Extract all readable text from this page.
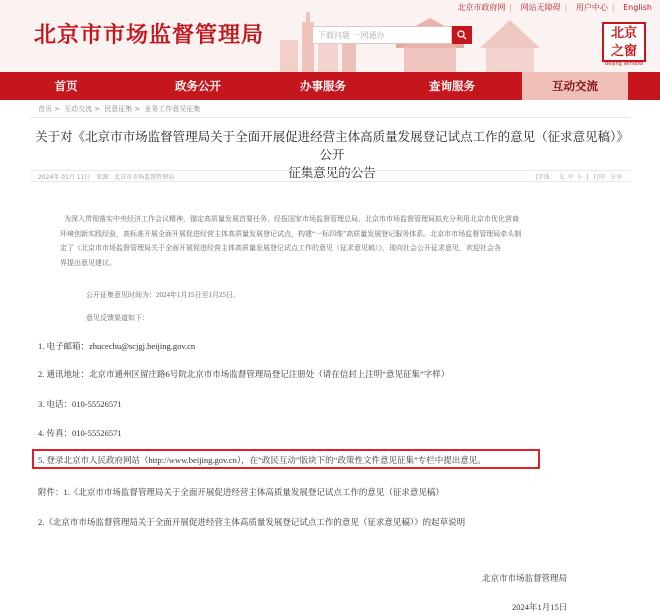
北京市市场监督管理局
北京市政府网 | 网站无障碍 | 用户中心 | English
下载问题 一网通办	北京
之窗
Beijing Window
首页	政务公开	办事服务	查询服务	互动交流
首页 > 互动交流 > 民意征集 > 业务工作意见征集
关于对《北京市市场监督管理局关于全面开展促进经营主体高质量发展登记试点工作的意见（征求意见稿）》公开
征集意见的公告
2024年 01月 11日 来源：北京市市场监督管理局	[字体： 大 中 小 ] 打印 分享
为深入贯彻落实中央经济工作会议精神，锚定高质量发展首要任务，经报国家市场监督管理总局，北京市市场监督管理局拟充分利用北京市优化营商
环境创新实践经验，高标准开展全面开展促进经营主体高质量发展登记试点，构建“一标四维”高质量发展登记服务体系。北京市市场监督管理局牵头制
定了《北京市市场监督管理局关于全面开展促进经营主体高质量发展登记试点工作的意见（征求意见稿）》，现向社会公开征求意见，欢迎社会各
界提出意见建议。
公开征集意见时间为：2024年1月15日至1月25日。
意见反馈渠道如下：
1. 电子邮箱：zhucechu@scjgj.beijing.gov.cn
2. 通讯地址：北京市通州区留庄路6号院北京市市场监督管理局登记注册处（请在信封上注明“意见征集”字样）
3. 电话：010-55526571
4. 传真：010-55526571
5. 登录北京市人民政府网站（http://www.beijing.gov.cn），在“政民互动”版块下的“政策性文件意见征集”专栏中提出意见。
附件：1.《北京市市场监督管理局关于全面开展促进经营主体高质量发展登记试点工作的意见（征求意见稿）
2.《北京市市场监督管理局关于全面开展促进经营主体高质量发展登记试点工作的意见（征求意见稿）》的起草说明
北京市市场监督管理局
2024年1月15日
